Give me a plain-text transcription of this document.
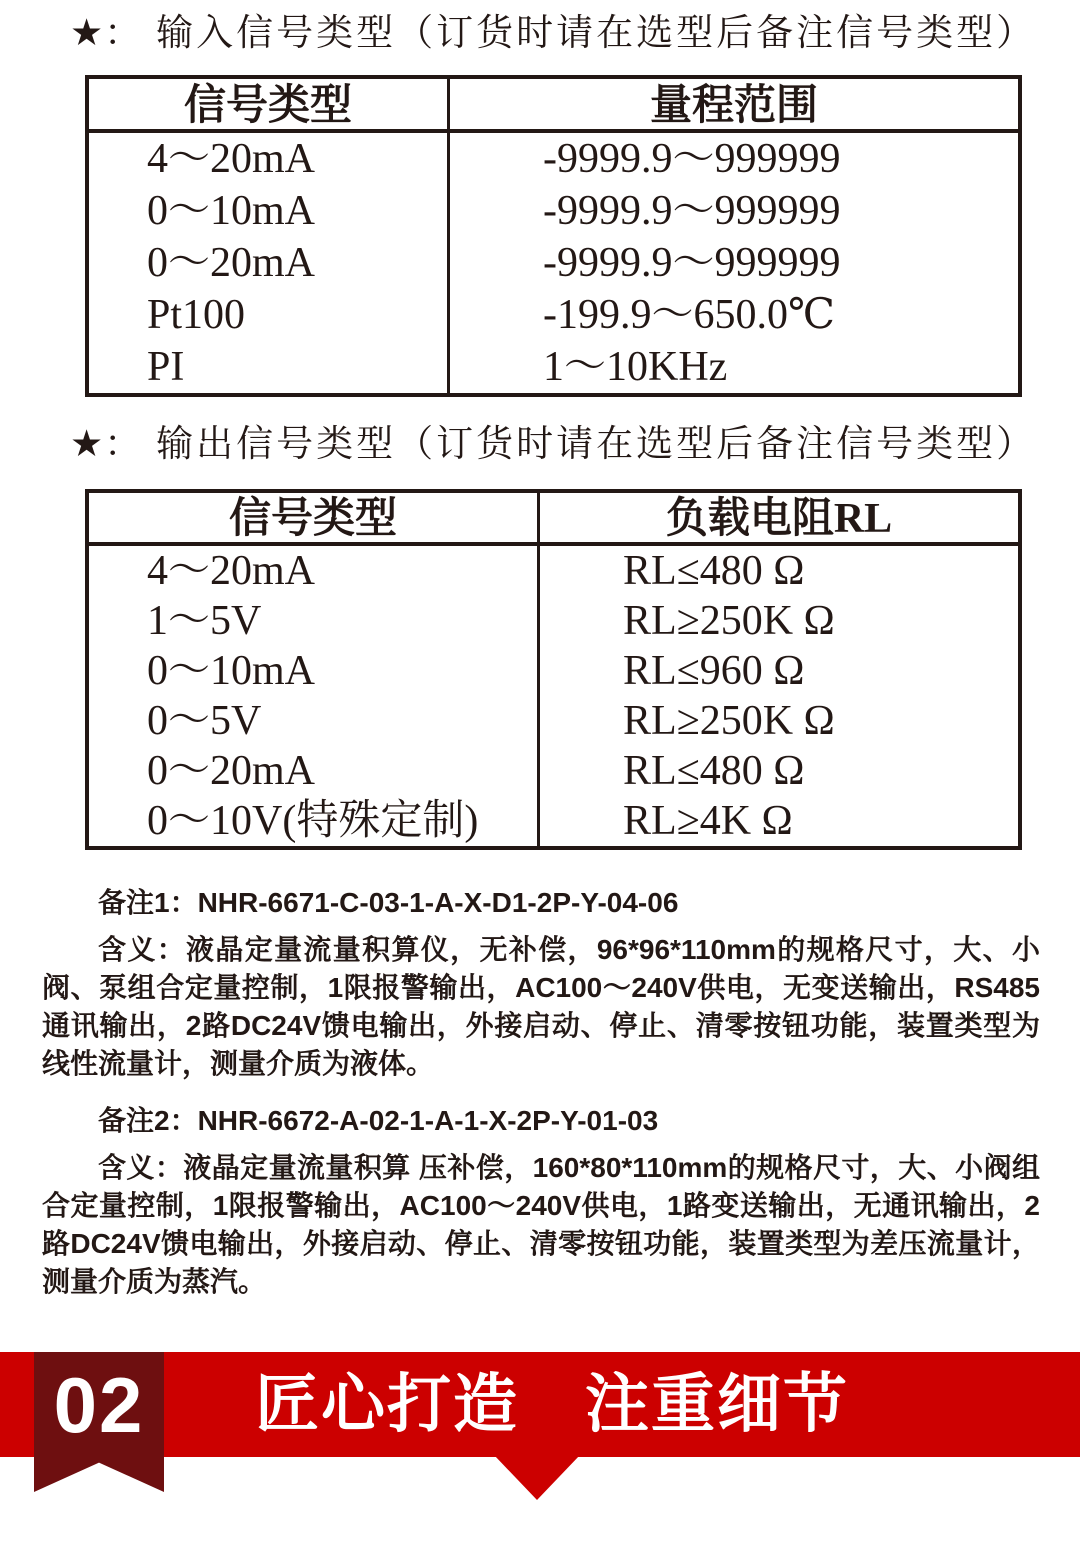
★： 输入信号类型（订货时请在选型后备注信号类型）
信号类型	量程范围
4～20mA	-9999.9～999999
0～10mA	-9999.9～999999
0～20mA	-9999.9～999999
Pt100	-199.9～650.0℃
PI	1～10KHz
★： 输出信号类型（订货时请在选型后备注信号类型）
信号类型	负载电阻RL
4～20mA	RL≤480 Ω
1～5V	RL≥250K Ω
0～10mA	RL≤960 Ω
0～5V	RL≥250K Ω
0～20mA	RL≤480 Ω
0～10V(特殊定制)	RL≥4K Ω

备注1：NHR-6671-C-03-1-A-X-D1-2P-Y-04-06

含义：液晶定量流量积算仪，无补偿，96*96*110mm的规格尺寸，大、小阀、泵组合定量控制，1限报警输出，AC100～240V供电，无变送输出，RS485通讯输出，2路DC24V馈电输出，外接启动、停止、清零按钮功能，装置类型为线性流量计，测量介质为液体。

备注2：NHR-6672-A-02-1-A-1-X-2P-Y-01-03

含义：液晶定量流量积算 压补偿，160*80*110mm的规格尺寸，大、小阀组合定量控制，1限报警输出，AC100～240V供电，1路变送输出，无通讯输出，2路DC24V馈电输出，外接启动、停止、清零按钮功能，装置类型为差压流量计，测量介质为蒸汽。

02	匠心打造　注重细节
